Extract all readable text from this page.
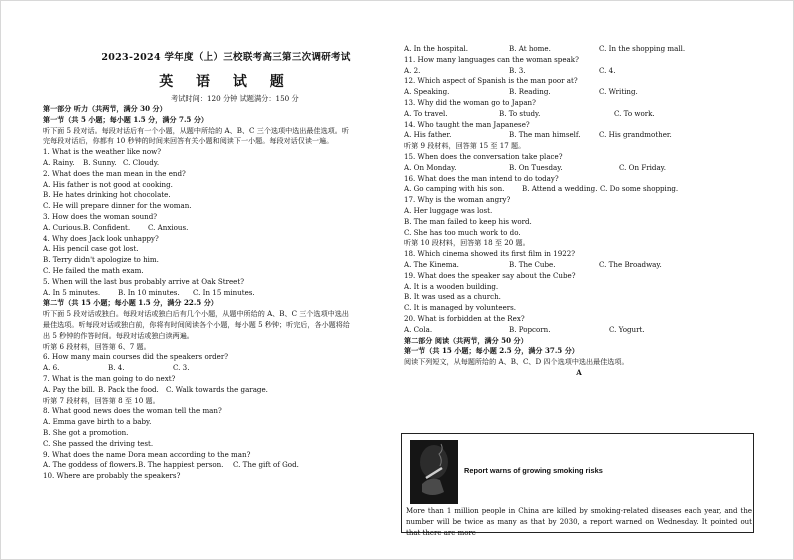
2023-2024 学年度（上）三校联考高三第三次调研考试
英 语 试 题
考试时间：120 分钟 试题满分：150 分
第一部分 听力（共两节，满分 30 分）
第一节（共 5 小题；每小题 1.5 分，满分 7.5 分）
听下面 5 段对话。每段对话后有一个小题，从题中所给的 A、B、C 三个选项中选出最佳选项。听
完每段对话后，你都有 10 秒钟的时间来回答有关小题和阅读下一小题。每段对话仅读一遍。
1. What is the weather like now?
A. Rainy.	B. Sunny. C. Cloudy.
2. What does the man mean in the end?
A. His father is not good at cooking.
B. He hates drinking hot chocolate.
C. He will prepare dinner for the woman.
3. How does the woman sound?
A. Curious. B. Confident.	C. Anxious.
4. Why does Jack look unhappy?
A. His pencil case got lost.
B. Terry didn't apologize to him.
C. He failed the math exam.
5. When will the last bus probably arrive at Oak Street?
A. In 5 minutes.	B. In 10 minutes.	C. In 15 minutes.
第二节（共 15 小题；每小题 1.5 分，满分 22.5 分）
听下面 5 段对话或独白。每段对话或独白后有几个小题，从题中所给的 A、B、C 三个选项中选出
最佳选项。听每段对话或独白前，你将有时间阅读各个小题，每小题 5 秒钟；听完后，各小题将给
出 5 秒钟的作答时间。每段对话或独白读两遍。
听第 6 段材料，回答第 6、7 题。
6. How many main courses did the speakers order?
A. 6.	B. 4.	C. 3.
7. What is the man going to do next?
A. Pay the bill. B. Pack the food.	C. Walk towards the garage.
听第 7 段材料，回答第 8 至 10 题。
8. What good news does the woman tell the man?
A. Emma gave birth to a baby.
B. She got a promotion.
C. She passed the driving test.
9. What does the name Dora mean according to the man?
A. The goddess of flowers. B. The happiest person.	C. The gift of God.
10. Where are probably the speakers?
A. In the hospital.	B. At home.	C. In the shopping mall.
11. How many languages can the woman speak?
A. 2.	B. 3.	C. 4.
12. Which aspect of Spanish is the man poor at?
A. Speaking.	B. Reading.	C. Writing.
13. Why did the woman go to Japan?
A. To travel.	B. To study.	C. To work.
14. Who taught the man Japanese?
A. His father.	B. The man himself.	C. His grandmother.
听第 9 段材料，回答第 15 至 17 题。
15. When does the conversation take place?
A. On Monday.	B. On Tuesday.	C. On Friday.
16. What does the man intend to do today?
A. Go camping with his son.	B. Attend a wedding. C. Do some shopping.
17. Why is the woman angry?
A. Her luggage was lost.
B. The man failed to keep his word.
C. She has too much work to do.
听第 10 段材料，回答第 18 至 20 题。
18. Which cinema showed its first film in 1922?
A. The Kinema.	B. The Cube.	C. The Broadway.
19. What does the speaker say about the Cube?
A. It is a wooden building.
B. It was used as a church.
C. It is managed by volunteers.
20. What is forbidden at the Rex?
A. Cola.	B. Popcorn.	C. Yogurt.
第二部分 阅读（共两节，满分 50 分）
第一节（共 15 小题；每小题 2.5 分，满分 37.5 分）
阅读下列短文，从每题所给的 A、B、C、D 四个选项中选出最佳选项。
A
Report warns of growing smoking risks
More than 1 million people in China are killed by smoking-related diseases each year, and the number will be twice as many as that by 2030, a report warned on Wednesday. It pointed out that there are more
